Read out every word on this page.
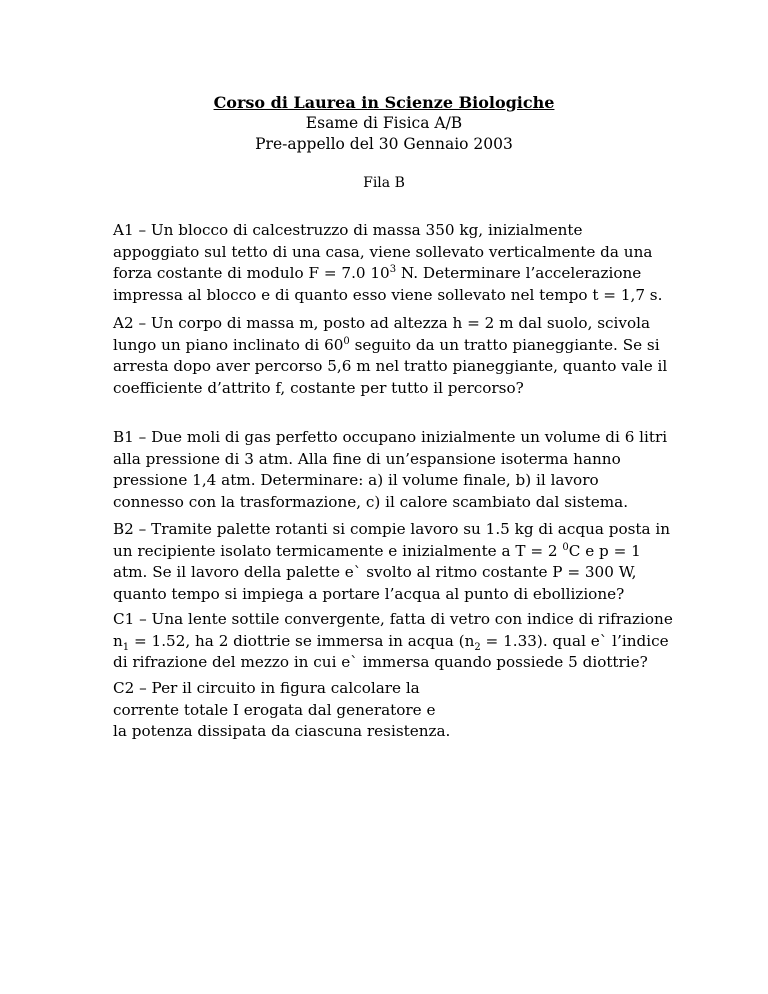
Corso di Laurea in Scienze Biologiche
Esame di Fisica A/B
Pre-appello del 30 Gennaio 2003
Fila B

A1 – Un blocco di calcestruzzo di massa 350 kg, inizialmente appoggiato sul tetto di una casa, viene sollevato verticalmente da una forza costante di modulo F = 7.0 $10^3$ N. Determinare l’accelerazione impressa al blocco e di quanto esso viene sollevato nel tempo t = 1,7 s.

A2 – Un corpo di massa m, posto ad altezza h = 2 m dal suolo, scivola lungo un piano inclinato di $60^0$ seguito da un tratto pianeggiante. Se si arresta dopo aver percorso 5,6 m nel tratto pianeggiante, quanto vale il coefficiente d’attrito f, costante per tutto il percorso?

B1 – Due moli di gas perfetto occupano inizialmente un volume di 6 litri alla pressione di 3 atm. Alla fine di un’espansione isoterma hanno pressione 1,4 atm. Determinare: a) il volume finale, b) il lavoro connesso con la trasformazione, c) il calore scambiato dal sistema.

B2 – Tramite palette rotanti si compie lavoro su 1.5 kg di acqua posta in un recipiente isolato termicamente e inizialmente a T = 2 $^0$C e p = 1 atm. Se il lavoro della palette e` svolto al ritmo costante P = 300 W, quanto tempo si impiega a portare l’acqua al punto di ebollizione?

C1 – Una lente sottile convergente, fatta di vetro con indice di rifrazione $n_1 = 1.52$, ha 2 diottrie se immersa in acqua $(n_2 = 1.33)$. qual e` l’indice di rifrazione del mezzo in cui e` immersa quando possiede 5 diottrie?

C2 – Per il circuito in figura calcolare la corrente totale I erogata dal generatore e la potenza dissipata da ciascuna resistenza.
